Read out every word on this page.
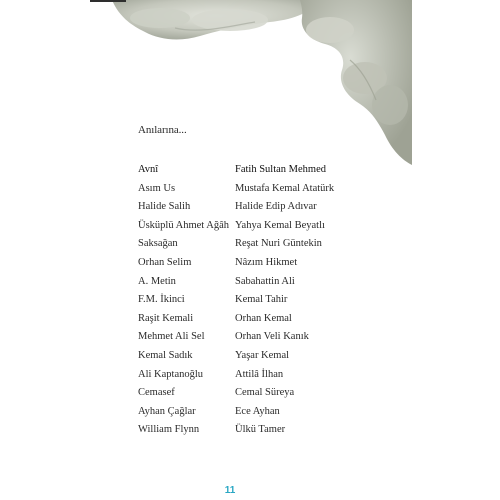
Anılarına...
Avnî
Asım Us
Halide Salih
Üsküplü Ahmet Ağâh
Saksağan
Orhan Selim
A. Metin
F.M. İkinci
Raşit Kemali
Mehmet Ali Sel
Kemal Sadık
Ali Kaptanoğlu
Cemasef
Ayhan Çağlar
William Flynn
Fatih Sultan Mehmed
Mustafa Kemal Atatürk
Halide Edip Adıvar
Yahya Kemal Beyatlı
Reşat Nuri Güntekin
Nâzım Hikmet
Sabahattin Ali
Kemal Tahir
Orhan Kemal
Orhan Veli Kanık
Yaşar Kemal
Attilâ İlhan
Cemal Süreya
Ece Ayhan
Ülkü Tamer
11
